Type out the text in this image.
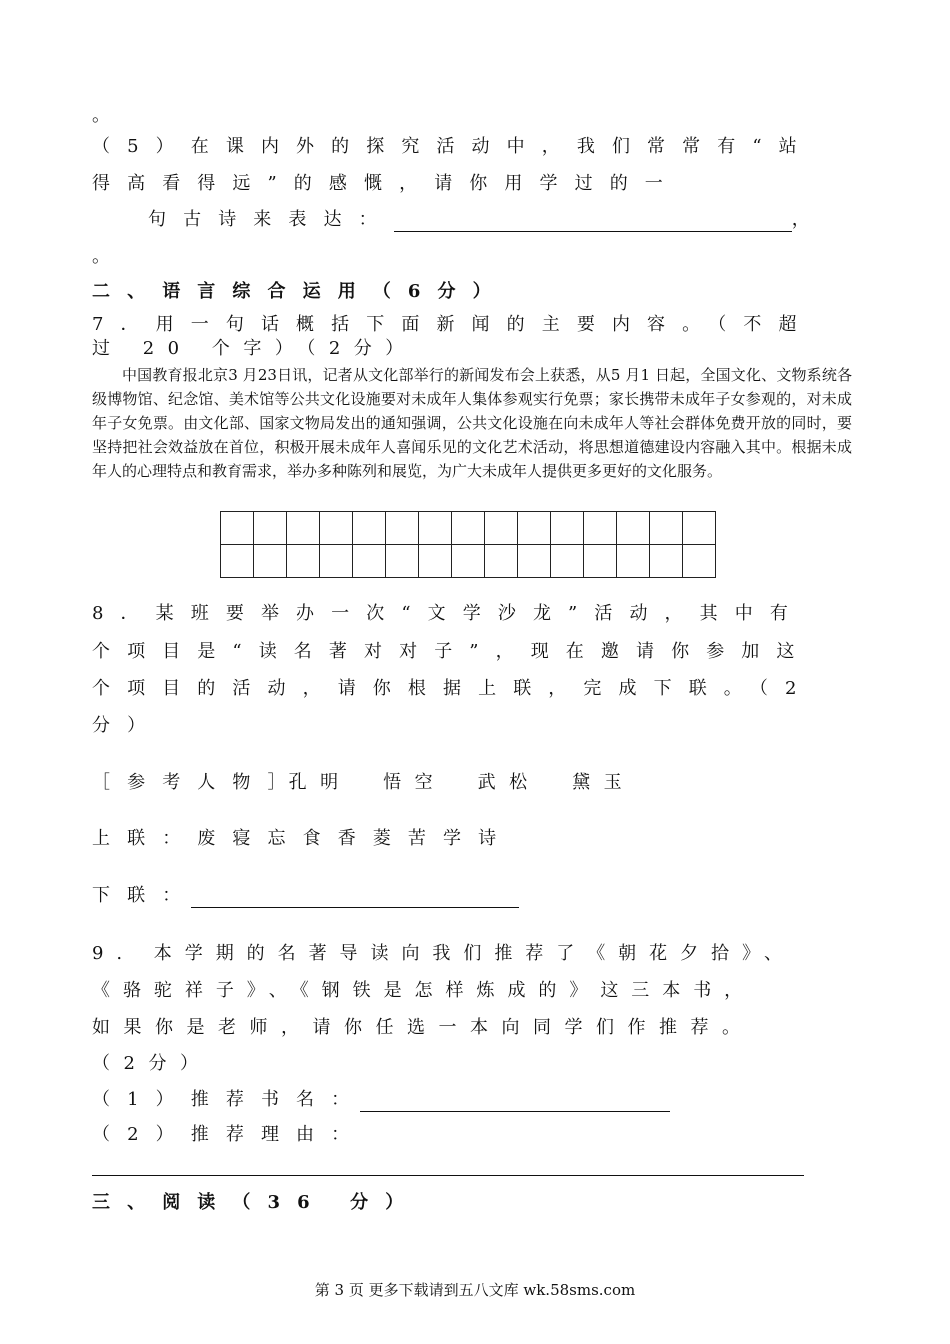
。
（5）在课内外的探究活动中，我们常常有“站
得高看得远”的感慨，请你用学过的一
句古诗来表达：	，
。
二、语言综合运用（6分）
7．用一句话概括下面新闻的主要内容。（不超
过 20 个字）（2分）
中国教育报北京3 月23日讯，记者从文化部举行的新闻发布会上获悉，从5 月1 日起，全国文化、文物系统各级博物馆、纪念馆、美术馆等公共文化设施要对未成年人集体参观实行免票；家长携带未成年子女参观的，对未成年子女免票。由文化部、国家文物局发出的通知强调，公共文化设施在向未成年人等社会群体免费开放的同时，要坚持把社会效益放在首位，积极开展未成年人喜闻乐见的文化艺术活动，将思想道德建设内容融入其中。根据未成年人的心理特点和教育需求，举办多种陈列和展览，为广大未成年人提供更多更好的文化服务。

8．某班要举办一次“文学沙龙”活动，其中有
个项目是“读名著对对子”，现在邀请你参加这
个项目的活动，请你根据上联，完成下联。（2
分）
［参考人物］孔明　悟空　武松　黛玉
上联：废寝忘食香菱苦学诗
下联：
9. 本学期的名著导读向我们推荐了《朝花夕拾》、
《骆驼祥子》、《钢铁是怎样炼成的》这三本书，
如果你是老师，请你任选一本向同学们作推荐。
（2分）
（1）推荐书名：
（2）推荐理由：
三、阅读（36 分）
第 3 页 更多下载请到五八文库 wk.58sms.com
